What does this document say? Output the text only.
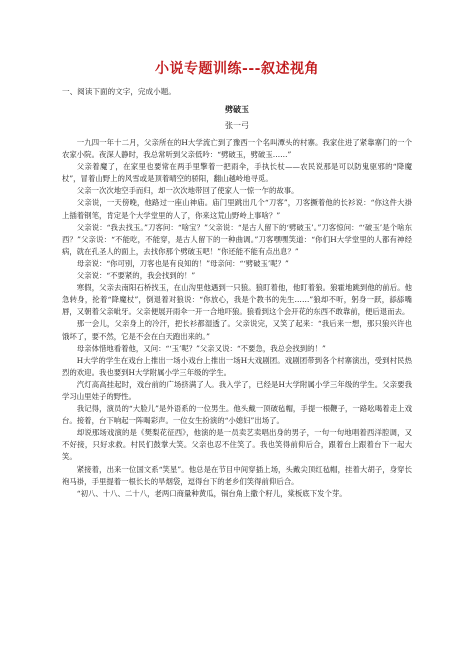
小说专题训练---叙述视角
一、阅读下面的文字，完成小题。
劈破玉
张一弓

一九四一年十二月，父亲所在的H大学流亡到了豫西一个名叫潭头的村寨。我家住进了紧靠寨门的一个农家小院。夜深人静时，我总常听到父亲低吟：“劈破玉，劈破玉……”

父亲着魔了，在家里也要常在两手里擎着一把雨伞，手执长杖——农民说那是可以防鬼驱邪的“降魔杖”，冒着山野上的风雪或是顶着晴空的骄阳，翻山越岭地寻觅。

父亲一次次地空手而归，却一次次地带回了使家人一惊一乍的故事。

父亲说，一天傍晚，他路过一座山神庙。庙门里跳出几个“刀客”，刀客撅着他的长衫说：“你这件大褂上插着钢笔，肯定是个大学堂里的人了，你来这荒山野岭上事啥？”

父亲说：“我去找玉。”刀客问：“啥宝？”父亲说：“是古人留下的‘劈破玉’。”刀客惊问：“‘破玉’是个啥东西？”父亲说：“不能吃，不能穿，是古人留下的一种曲调。”刀客嘿嘿笑道：“你们H大学堂里的人都有神经病，就在孔圣人的面上，去找你那个劈破玉吧！”你还能不能有点出息？”

母亲说：“你可别，刀客也是有良知的！”母亲问：“‘劈破玉’呢？”

父亲说：“不要紧的，我会找到的！”

寒假，父亲去南阳石桥找玉，在山沟里他遇到一只狼。狼盯着他，他盯着狼。狼霍地跳到他的前后。他急转身，抡着“降魔杖”，倒退着对狼说：“你放心，我是个教书的先生……”狼却不听，躬身一跃，舔舔嘴唇，又朝着父亲呲牙。父亲便展开雨伞一开一合地吓狼。狼看到这个会开花的东西不敢靠前，便后退而去。

那一会儿，父亲身上的冷汗，把长衫都湿透了。父亲说完，又笑了起来：“我后来一想，那只狼兴许也饿坏了，要不然，它是不会在白天跑出来的。”

母亲体惜地看着他，又问：“‘玉’呢？”父亲又说：“不要急，我总会找到的！”

H大学的学生在戏台上推出一场小戏台上推出一场H大戏剧团。戏剧团带到各个村寨演出，受到村民热烈的欢迎。我也要到H大学附属小学三年级的学生。

汽灯高高挂起时，戏台前的广场挤满了人。我入学了，已经是H大学附属小学三年级的学生。父亲要我学习山里娃子的野性。

我记得，演员的“大脸儿”是外语系的一位男生。他头戴一顶破毡帽，手提一根鞭子，一路吆喝着走上戏台。接着，台下响起一阵喝彩声。一位女生扮演的“小媳妇”出场了。

却说那场戏演的是《樊梨花征西》，他演的是一员卖艺卖唱出身的男子，一句一句地唱着西洋腔调，又不好接，只好求救。村民们鼓掌大笑。父亲也忍不住笑了。我也笑得前仰后合，跟着台上跟着台下一起大笑。

紧接着，出来一位国文系“笑星”。他总是在节目中间穿插上场，头戴尖顶红毡帽，挂着大胡子，身穿长袍马褂，手里提着一根长长的旱烟袋，逗得台下的老乡们笑得前仰后合。

“初八、十八、二十八，老两口商量种黄瓜，锅台角上撒个籽儿，棠板底下发个芽。
